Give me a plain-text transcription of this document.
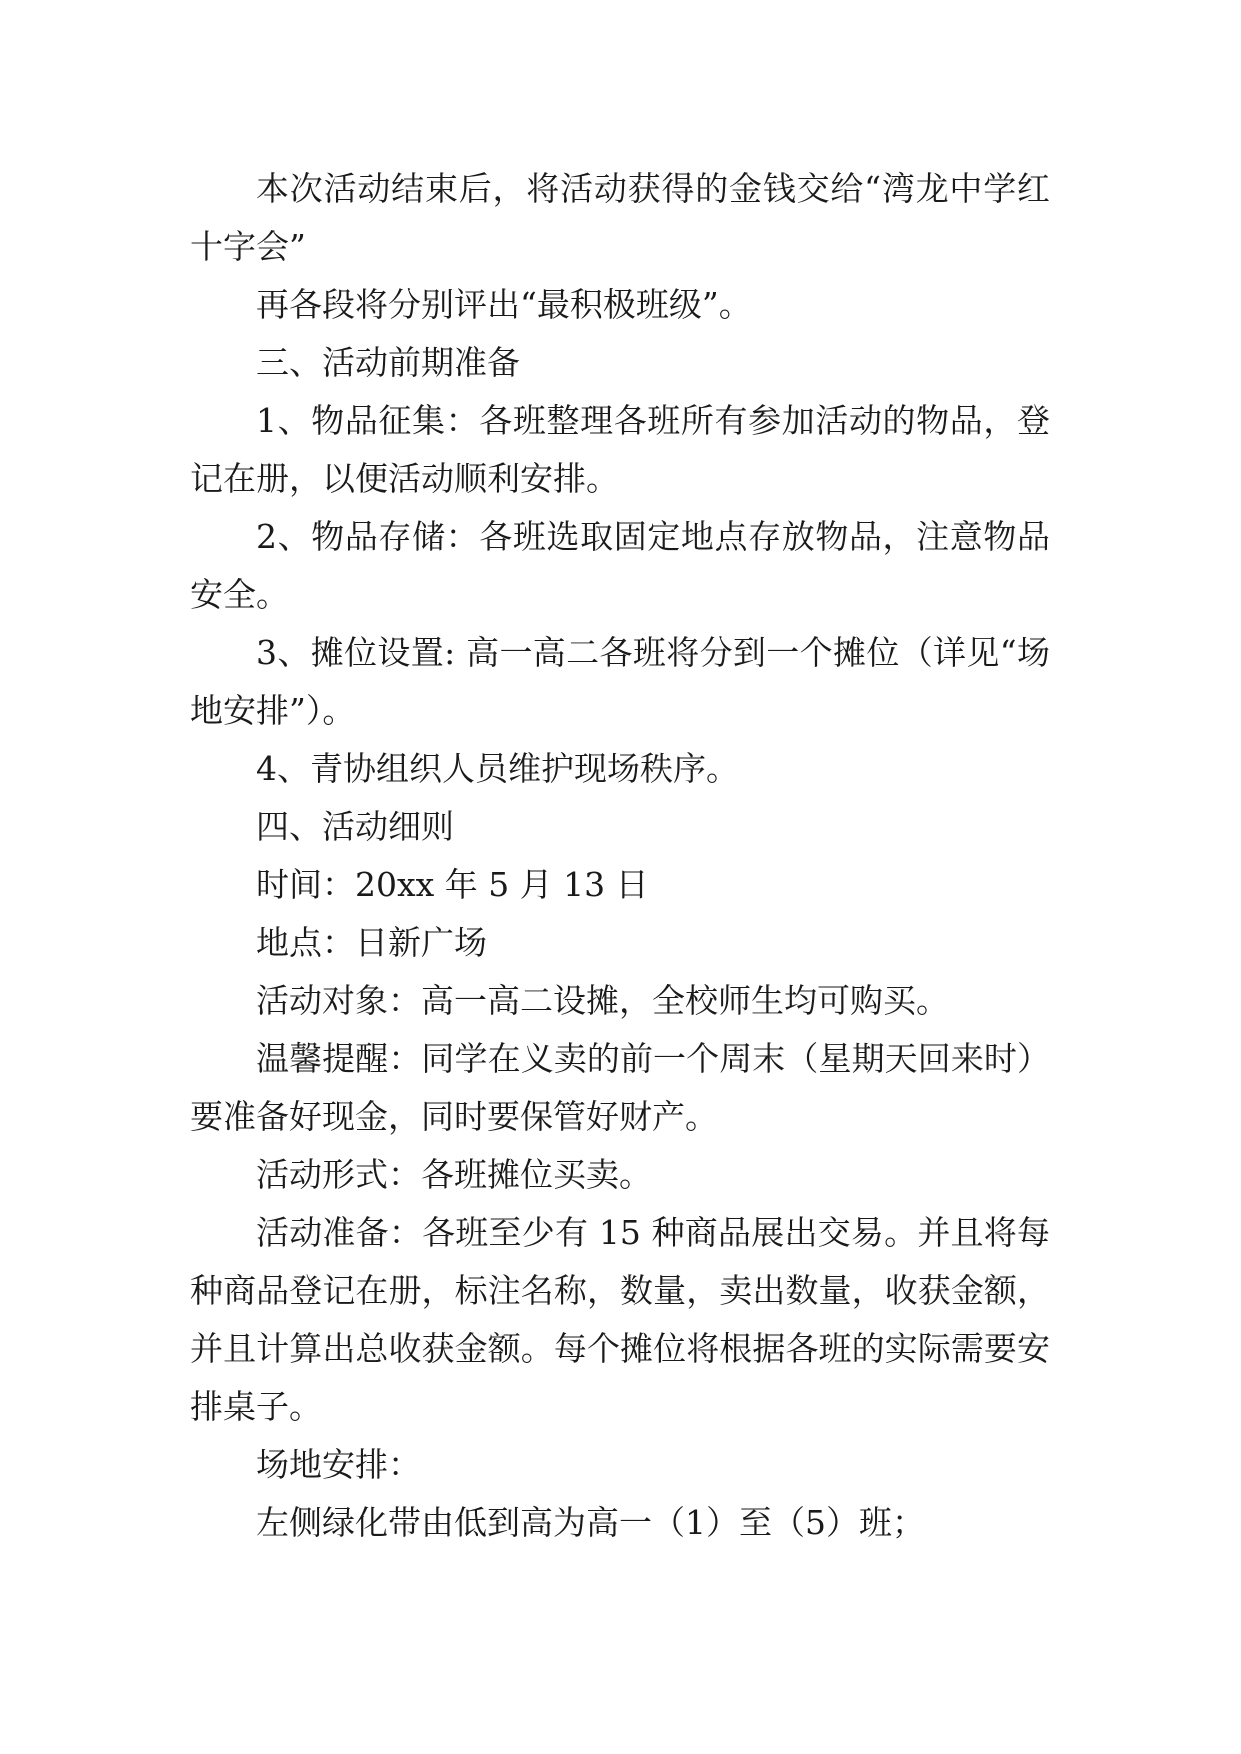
本次活动结束后，将活动获得的金钱交给“湾龙中学红十字会”

再各段将分别评出“最积极班级”。

三、活动前期准备

1、物品征集：各班整理各班所有参加活动的物品，登记在册，以便活动顺利安排。

2、物品存储：各班选取固定地点存放物品，注意物品安全。

3、摊位设置: 高一高二各班将分到一个摊位（详见“场地安排”）。

4、青协组织人员维护现场秩序。

四、活动细则

时间：20xx 年 5 月 13 日

地点：日新广场

活动对象：高一高二设摊，全校师生均可购买。

温馨提醒：同学在义卖的前一个周末（星期天回来时）要准备好现金，同时要保管好财产。

活动形式：各班摊位买卖。

活动准备：各班至少有 15 种商品展出交易。并且将每种商品登记在册，标注名称，数量，卖出数量，收获金额，并且计算出总收获金额。每个摊位将根据各班的实际需要安排桌子。

场地安排：

左侧绿化带由低到高为高一（1）至（5）班；
